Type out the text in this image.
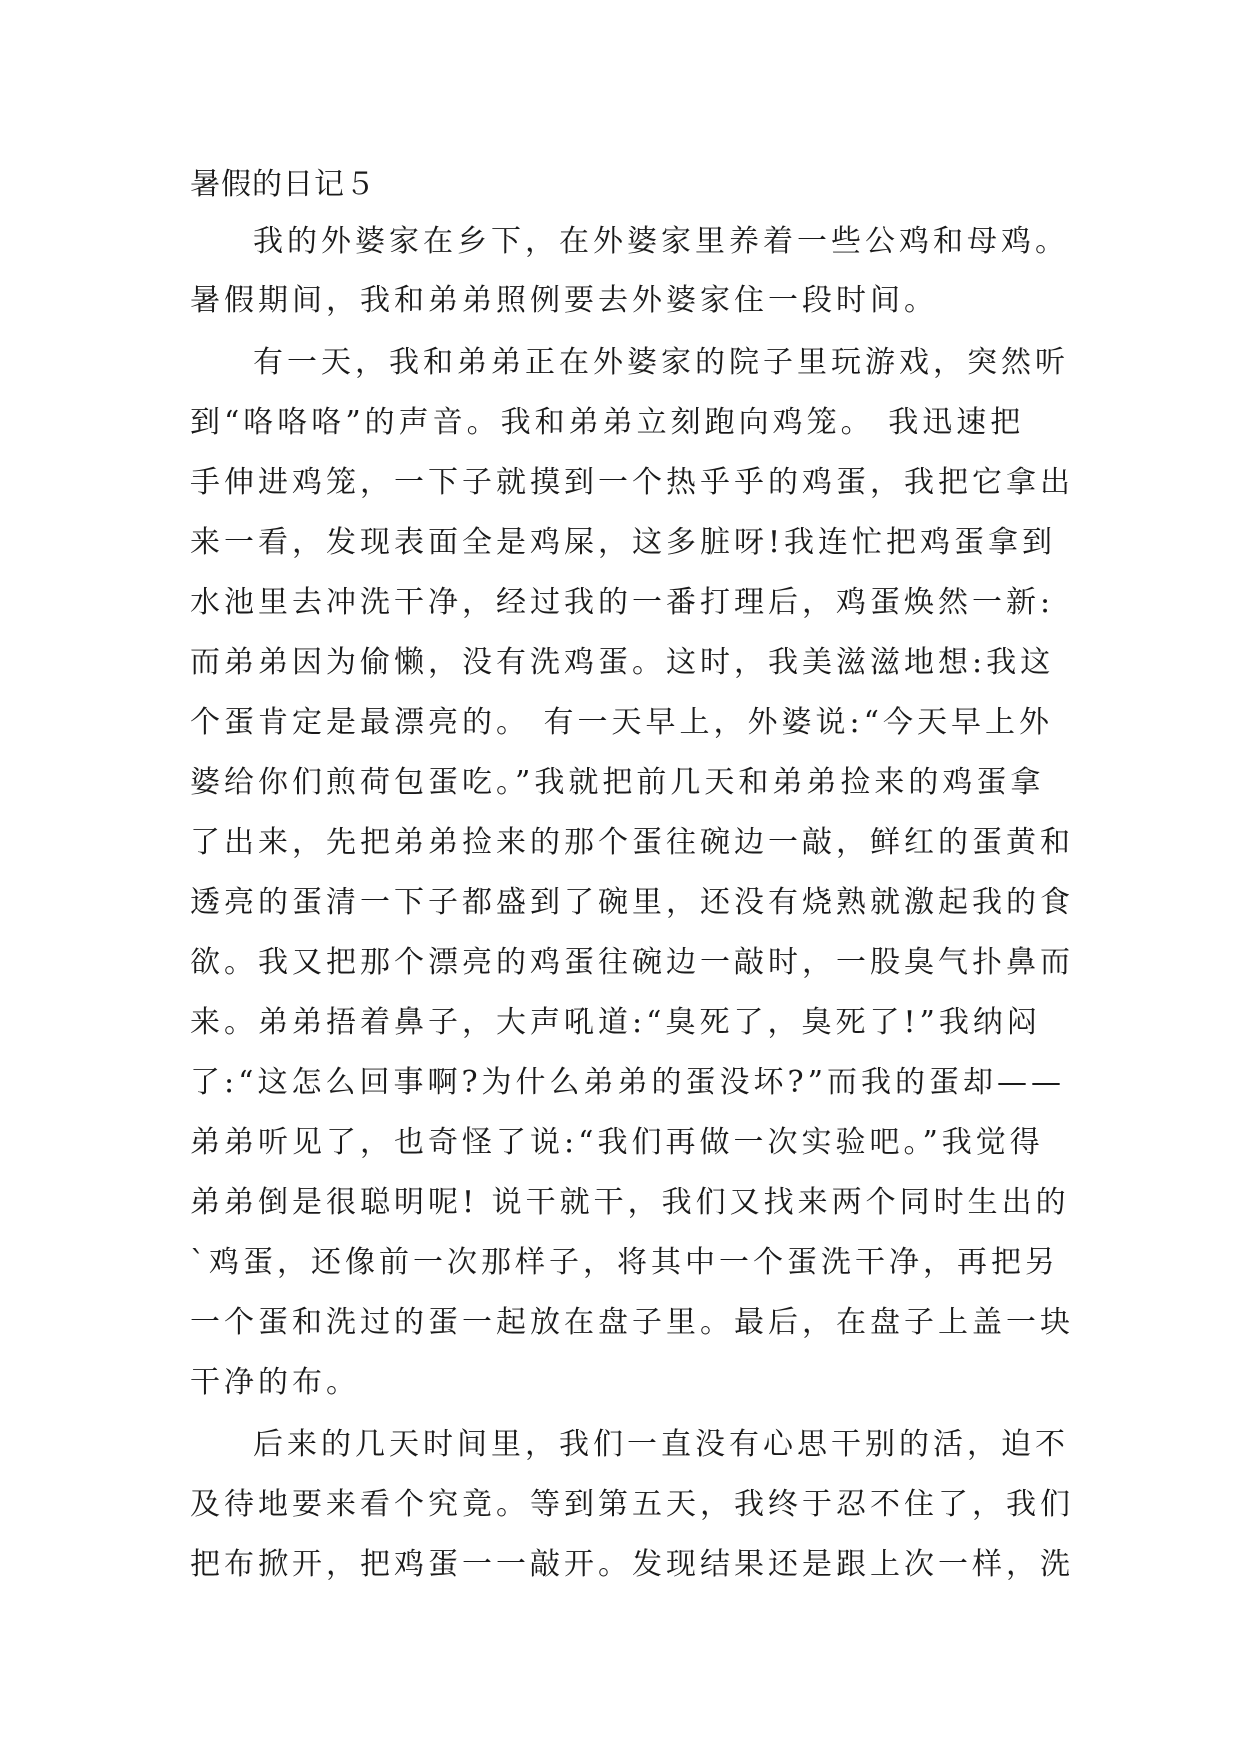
暑假的日记５
我的外婆家在乡下，在外婆家里养着一些公鸡和母鸡。
暑假期间，我和弟弟照例要去外婆家住一段时间。
有一天，我和弟弟正在外婆家的院子里玩游戏，突然听
到“咯咯咯”的声音。我和弟弟立刻跑向鸡笼。 我迅速把
手伸进鸡笼，一下子就摸到一个热乎乎的鸡蛋，我把它拿出
来一看，发现表面全是鸡屎，这多脏呀!我连忙把鸡蛋拿到
水池里去冲洗干净，经过我的一番打理后，鸡蛋焕然一新:
而弟弟因为偷懒，没有洗鸡蛋。这时，我美滋滋地想:我这
个蛋肯定是最漂亮的。 有一天早上，外婆说:“今天早上外
婆给你们煎荷包蛋吃。”我就把前几天和弟弟捡来的鸡蛋拿
了出来，先把弟弟捡来的那个蛋往碗边一敲，鲜红的蛋黄和
透亮的蛋清一下子都盛到了碗里，还没有烧熟就激起我的食
欲。我又把那个漂亮的鸡蛋往碗边一敲时，一股臭气扑鼻而
来。弟弟捂着鼻子，大声吼道:“臭死了，臭死了!”我纳闷
了:“这怎么回事啊?为什么弟弟的蛋没坏?”而我的蛋却——
弟弟听见了，也奇怪了说:“我们再做一次实验吧。”我觉得
弟弟倒是很聪明呢! 说干就干，我们又找来两个同时生出的
`鸡蛋，还像前一次那样子，将其中一个蛋洗干净，再把另
一个蛋和洗过的蛋一起放在盘子里。最后，在盘子上盖一块
干净的布。
后来的几天时间里，我们一直没有心思干别的活，迫不
及待地要来看个究竟。等到第五天，我终于忍不住了，我们
把布掀开，把鸡蛋一一敲开。发现结果还是跟上次一样，洗
